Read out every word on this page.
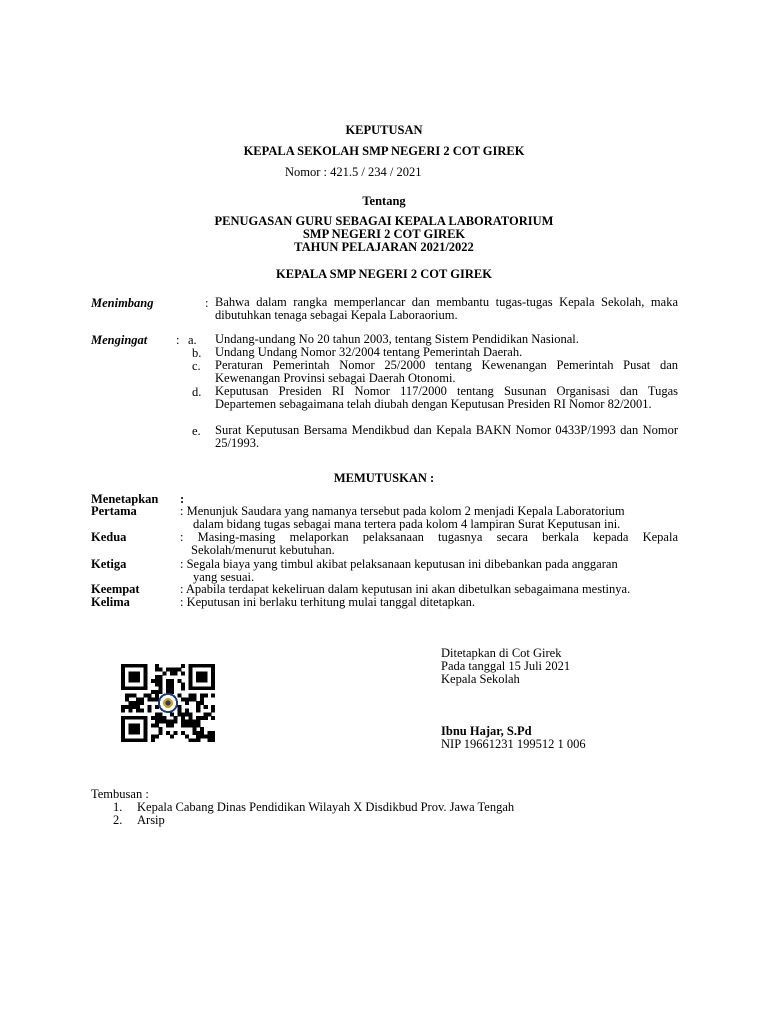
KEPUTUSAN
KEPALA SEKOLAH SMP NEGERI 2 COT GIREK
Nomor : 421.5 / 234 / 2021
Tentang
PENUGASAN GURU SEBAGAI KEPALA LABORATORIUM
SMP NEGERI 2 COT GIREK
TAHUN PELAJARAN 2021/2022
KEPALA SMP NEGERI 2 COT GIREK
Menimbang	: Bahwa dalam rangka memperlancar dan membantu tugas-tugas Kepala Sekolah, maka dibutuhkan tenaga sebagai Kepala Laboraorium.
Mengingat : a. Undang-undang No 20 tahun 2003, tentang Sistem Pendidikan Nasional.
b. Undang Undang Nomor 32/2004 tentang Pemerintah Daerah.
c. Peraturan Pemerintah Nomor 25/2000 tentang Kewenangan Pemerintah Pusat dan Kewenangan Provinsi sebagai Daerah Otonomi.
d. Keputusan Presiden RI Nomor 117/2000 tentang Susunan Organisasi dan Tugas Departemen sebagaimana telah diubah dengan Keputusan Presiden RI Nomor 82/2001.
e. Surat Keputusan Bersama Mendikbud dan Kepala BAKN Nomor 0433P/1993 dan Nomor 25/1993.
MEMUTUSKAN :
Menetapkan :
Pertama	: Menunjuk Saudara yang namanya tersebut pada kolom 2 menjadi Kepala Laboratorium
dalam bidang tugas sebagai mana tertera pada kolom 4 lampiran Surat Keputusan ini.
Kedua	: Masing-masing melaporkan pelaksanaan tugasnya secara berkala kepada Kepala
Sekolah/menurut kebutuhan.
Ketiga	: Segala biaya yang timbul akibat pelaksanaan keputusan ini dibebankan pada anggaran
yang sesuai.
Keempat	: Apabila terdapat kekeliruan dalam keputusan ini akan dibetulkan sebagaimana mestinya.
Kelima	: Keputusan ini berlaku terhitung mulai tanggal ditetapkan.
Ditetapkan di Cot Girek
Pada tanggal 15 Juli 2021
Kepala Sekolah
Ibnu Hajar, S.Pd
NIP 19661231 199512 1 006
Tembusan :
1. Kepala Cabang Dinas Pendidikan Wilayah X Disdikbud Prov. Jawa Tengah
2. Arsip
